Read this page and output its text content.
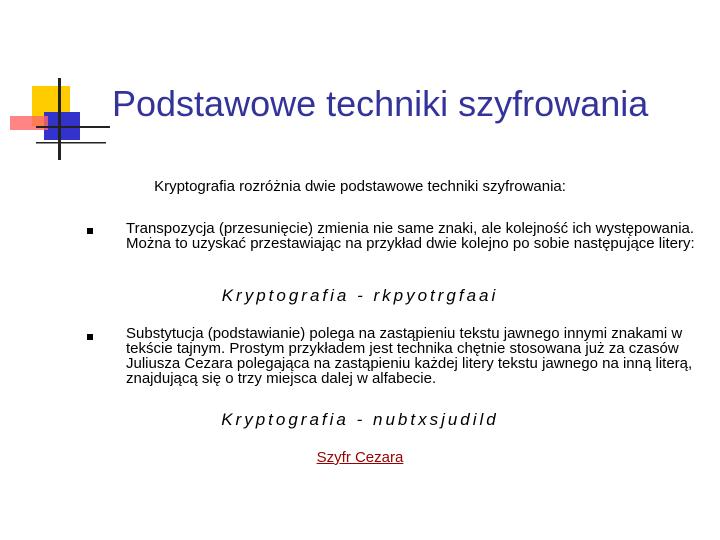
Podstawowe techniki szyfrowania
Kryptografia rozróżnia dwie podstawowe techniki szyfrowania:
Transpozycja (przesunięcie) zmienia nie same znaki, ale kolejność ich występowania. Można to uzyskać przestawiając na przykład dwie kolejno po sobie następujące litery:
Kryptografia - rkpyotrgfaai
Substytucja (podstawianie) polega na zastąpieniu tekstu jawnego innymi znakami w tekście tajnym. Prostym przykładem jest technika chętnie stosowana już za czasów Juliusza Cezara polegająca na zastąpieniu każdej litery tekstu jawnego na inną literą, znajdującą się o trzy miejsca dalej w alfabecie.
Kryptografia - nubtxsjudild
Szyfr Cezara
